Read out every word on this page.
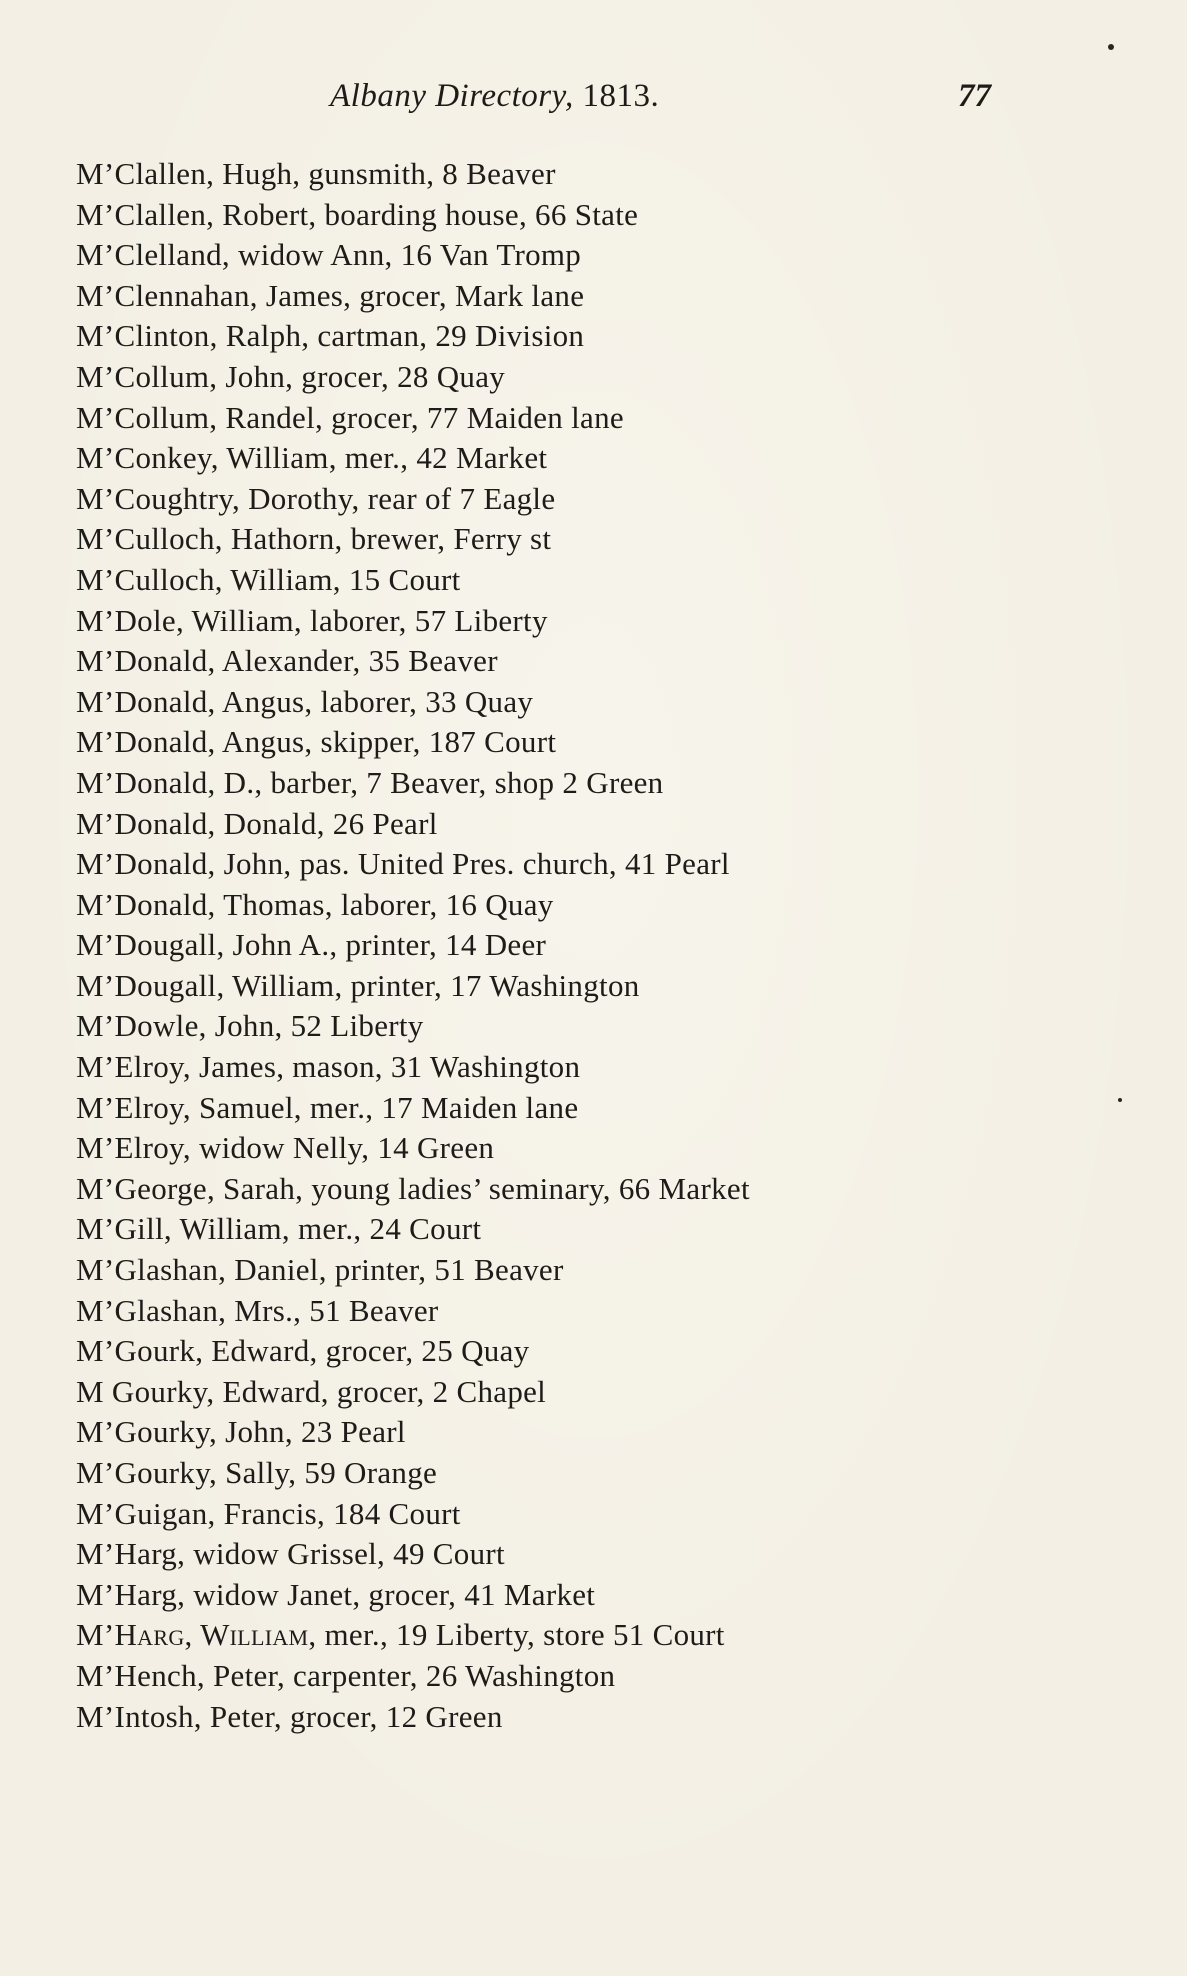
Albany Directory, 1813.	77
M’Clallen, Hugh, gunsmith, 8 Beaver
M’Clallen, Robert, boarding house, 66 State
M’Clelland, widow Ann, 16 Van Tromp
M’Clennahan, James, grocer, Mark lane
M’Clinton, Ralph, cartman, 29 Division
M’Collum, John, grocer, 28 Quay
M’Collum, Randel, grocer, 77 Maiden lane
M’Conkey, William, mer., 42 Market
M’Coughtry, Dorothy, rear of 7 Eagle
M’Culloch, Hathorn, brewer, Ferry st
M’Culloch, William, 15 Court
M’Dole, William, laborer, 57 Liberty
M’Donald, Alexander, 35 Beaver
M’Donald, Angus, laborer, 33 Quay
M’Donald, Angus, skipper, 187 Court
M’Donald, D., barber, 7 Beaver, shop 2 Green
M’Donald, Donald, 26 Pearl
M’Donald, John, pas. United Pres. church, 41 Pearl
M’Donald, Thomas, laborer, 16 Quay
M’Dougall, John A., printer, 14 Deer
M’Dougall, William, printer, 17 Washington
M’Dowle, John, 52 Liberty
M’Elroy, James, mason, 31 Washington
M’Elroy, Samuel, mer., 17 Maiden lane
M’Elroy, widow Nelly, 14 Green
M’George, Sarah, young ladies’ seminary, 66 Market
M’Gill, William, mer., 24 Court
M’Glashan, Daniel, printer, 51 Beaver
M’Glashan, Mrs., 51 Beaver
M’Gourk, Edward, grocer, 25 Quay
M Gourky, Edward, grocer, 2 Chapel
M’Gourky, John, 23 Pearl
M’Gourky, Sally, 59 Orange
M’Guigan, Francis, 184 Court
M’Harg, widow Grissel, 49 Court
M’Harg, widow Janet, grocer, 41 Market
M’Harg, William, mer., 19 Liberty, store 51 Court
M’Hench, Peter, carpenter, 26 Washington
M’Intosh, Peter, grocer, 12 Green
